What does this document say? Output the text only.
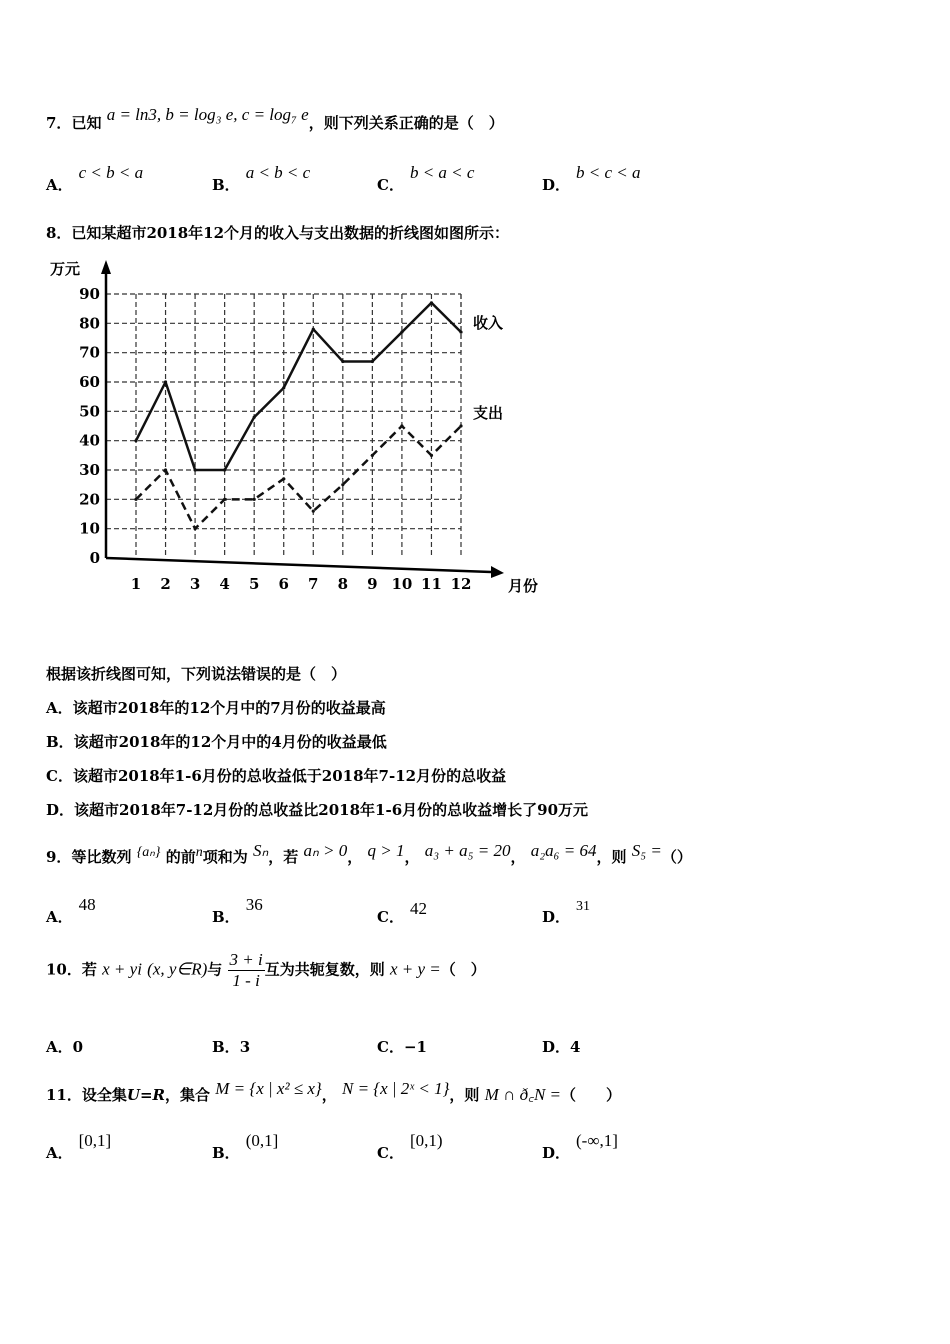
7．已知 a = ln3, b = log₃ e, c = log₇ e，则下列关系正确的是（　）
A．c < b < a
B．a < b < c
C．b < a < c
D．b < c < a
8．已知某超市2018年12个月的收入与支出数据的折线图如图所示：
0
10
20
30
40
50
60
70
80
90
1 2 3 4 5 6 7 8 9 10 11 12
万元
月份
收入
支出
根据该折线图可知，下列说法错误的是（　）
A．该超市2018年的12个月中的7月份的收益最高
B．该超市2018年的12个月中的4月份的收益最低
C．该超市2018年1-6月份的总收益低于2018年7-12月份的总收益
D．该超市2018年7-12月份的总收益比2018年1-6月份的总收益增长了90万元
9．等比数列 {aₙ} 的前n项和为 Sₙ，若 aₙ > 0， q > 1， a₃ + a₅ = 20， a₂a₆ = 64，则 S₅ =（）
A．48
B．36
C． 42	D．31
10．若 x + yi (x, y∈R)与 $\frac{3 + i}{1 - i}$ 互为共轭复数，则 x + y =（　）
A．0	B．3	C．−1	D．4
11．设全集U=R，集合 M = {x | x² ≤ x}， N = {x | 2ˣ < 1}，则 M ∩ ð꜀N =（　　）
A．[0,1]
B．(0,1]
C．[0,1)
D．(-∞,1]
